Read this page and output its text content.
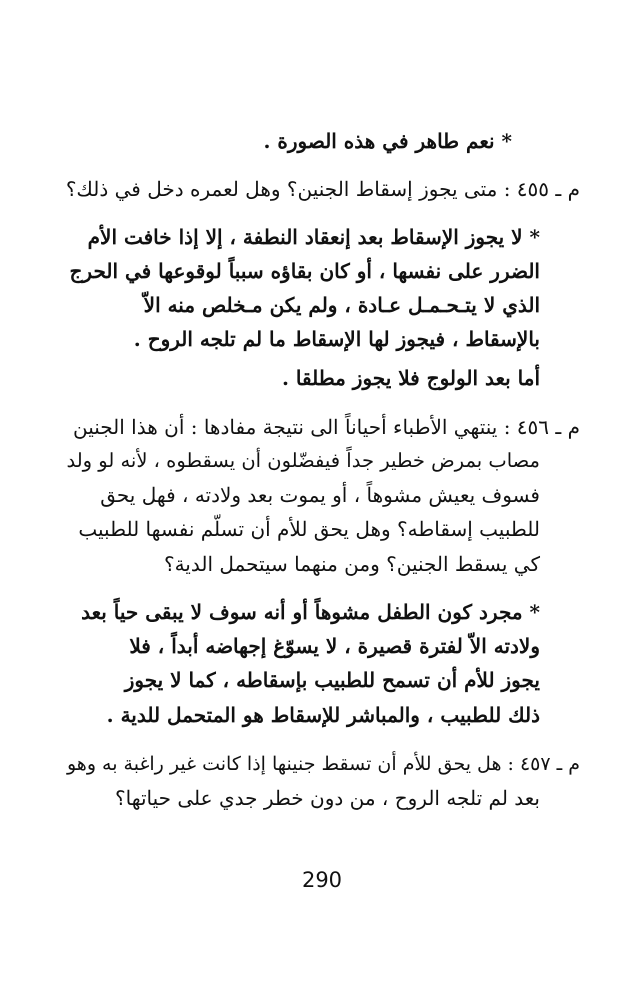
* نعم طاهر في هذه الصورة .
م ـ ٤٥٥ : متى يجوز إسقاط الجنين؟ وهل لعمره دخل في ذلك؟
* لا يجوز الإسقاط بعد إنعقاد النطفة ، إلا إذا خافت الأم
الضرر على نفسها ، أو كان بقاؤه سبباً لوقوعها في الحرج
الذي لا يتـحـمـل عـادة ، ولم يكن مـخلص منه الاّ
بالإسقاط ، فيجوز لها الإسقاط ما لم تلجه الروح .
أما بعد الولوج فلا يجوز مطلقا .
م ـ ٤٥٦ : ينتهي الأطباء أحياناً الى نتيجة مفادها : أن هذا الجنين
مصاب بمرض خطير جداً فيفضّلون أن يسقطوه ، لأنه لو ولد
فسوف يعيش مشوهاً ، أو يموت بعد ولادته ، فهل يحق
للطبيب إسقاطه؟ وهل يحق للأم أن تسلّم نفسها للطبيب
كي يسقط الجنين؟ ومن منهما سيتحمل الدية؟
* مجرد كون الطفل مشوهاً أو أنه سوف لا يبقى حياً بعد
ولادته الاّ لفترة قصيرة ، لا يسوّغ إجهاضه أبداً ، فلا
يجوز للأم أن تسمح للطبيب بإسقاطه ، كما لا يجوز
ذلك للطبيب ، والمباشر للإسقاط هو المتحمل للدية .
م ـ ٤٥٧ : هل يحق للأم أن تسقط جنينها إذا كانت غير راغبة به وهو
بعد لم تلجه الروح ، من دون خطر جدي على حياتها؟
290
